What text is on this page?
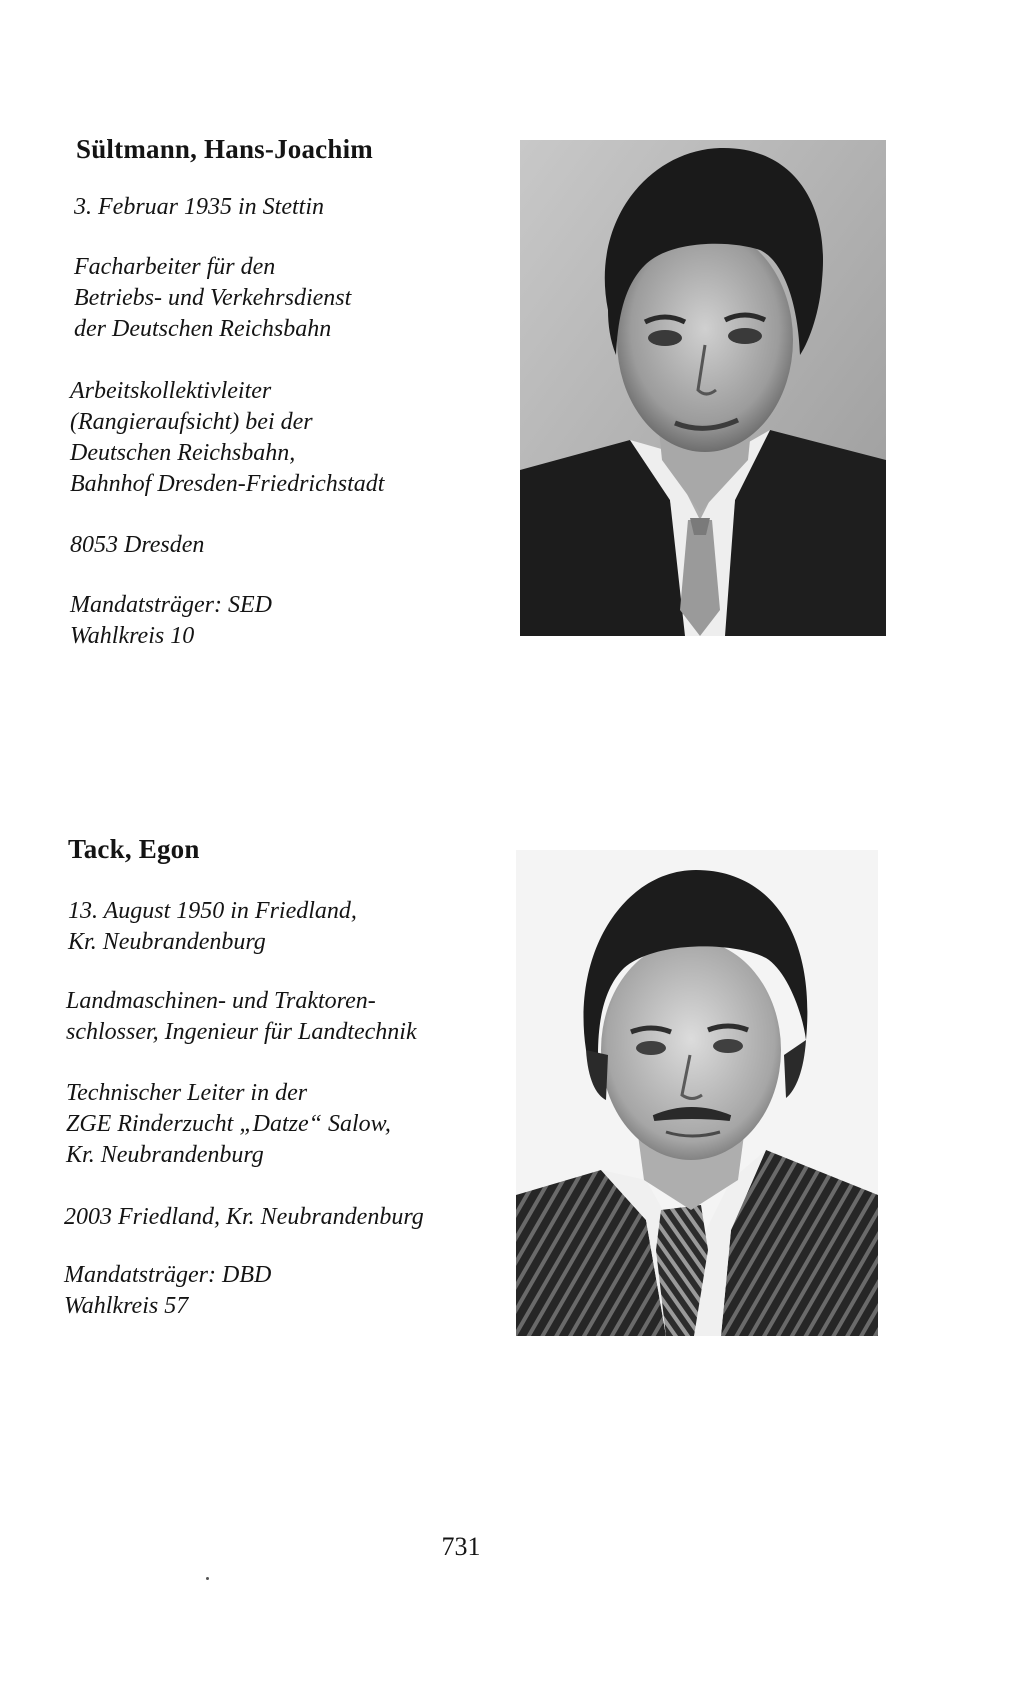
Sültmann, Hans-Joachim

3. Februar 1935 in Stettin

Facharbeiter für den
Betriebs- und Verkehrsdienst
der Deutschen Reichsbahn

Arbeitskollektivleiter
(Rangieraufsicht) bei der
Deutschen Reichsbahn,
Bahnhof Dresden-Friedrichstadt

8053 Dresden

Mandatsträger: SED
Wahlkreis 10

Tack, Egon

13. August 1950 in Friedland,
Kr. Neubrandenburg

Landmaschinen- und Traktoren-
schlosser, Ingenieur für Landtechnik

Technischer Leiter in der
ZGE Rinderzucht „Datze“ Salow,
Kr. Neubrandenburg

2003 Friedland, Kr. Neubrandenburg

Mandatsträger: DBD
Wahlkreis 57

731
